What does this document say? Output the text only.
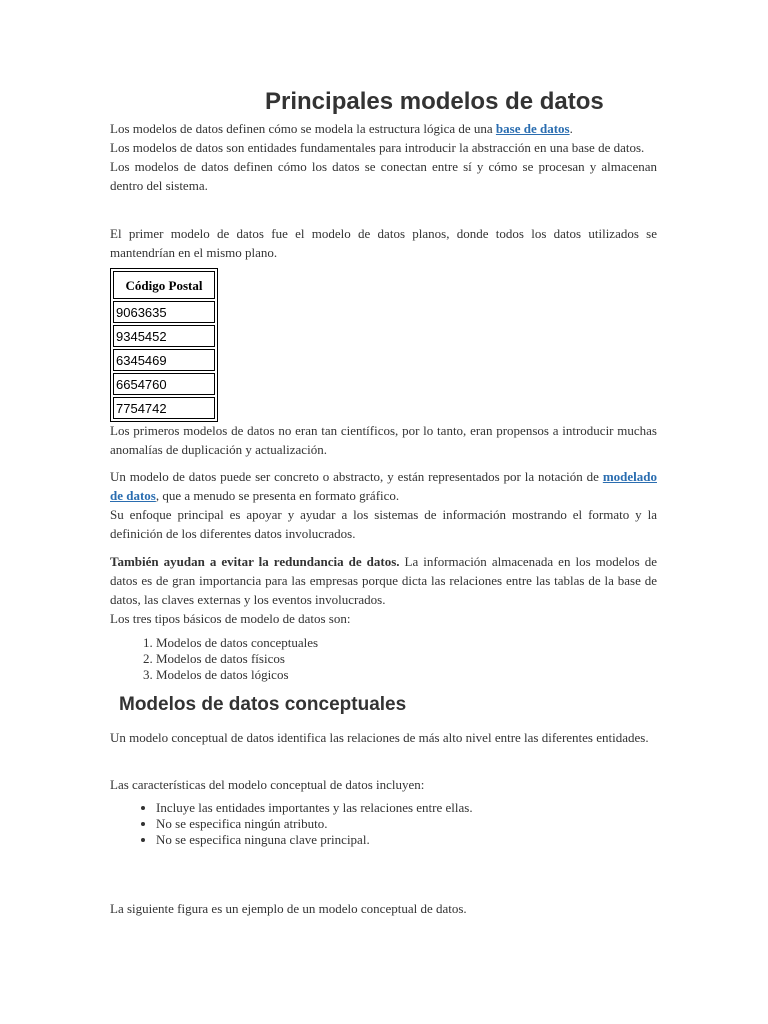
Principales modelos de datos

Los modelos de datos definen cómo se modela la estructura lógica de una base de datos.

Los modelos de datos son entidades fundamentales para introducir la abstracción en una base de datos.

Los modelos de datos definen cómo los datos se conectan entre sí y cómo se procesan y almacenan dentro del sistema.

El primer modelo de datos fue el modelo de datos planos, donde todos los datos utilizados se mantendrían en el mismo plano.

Código Postal
9063635
9345452
6345469
6654760
7754742

Los primeros modelos de datos no eran tan científicos, por lo tanto, eran propensos a introducir muchas anomalías de duplicación y actualización.

Un modelo de datos puede ser concreto o abstracto, y están representados por la notación de modelado de datos, que a menudo se presenta en formato gráfico.

Su enfoque principal es apoyar y ayudar a los sistemas de información mostrando el formato y la definición de los diferentes datos involucrados.

También ayudan a evitar la redundancia de datos. La información almacenada en los modelos de datos es de gran importancia para las empresas porque dicta las relaciones entre las tablas de la base de datos, las claves externas y los eventos involucrados.

Los tres tipos básicos de modelo de datos son:

1. Modelos de datos conceptuales
2. Modelos de datos físicos
3. Modelos de datos lógicos
Modelos de datos conceptuales

Un modelo conceptual de datos identifica las relaciones de más alto nivel entre las diferentes entidades.

Las características del modelo conceptual de datos incluyen:

• Incluye las entidades importantes y las relaciones entre ellas.
• No se especifica ningún atributo.
• No se especifica ninguna clave principal.

La siguiente figura es un ejemplo de un modelo conceptual de datos.
